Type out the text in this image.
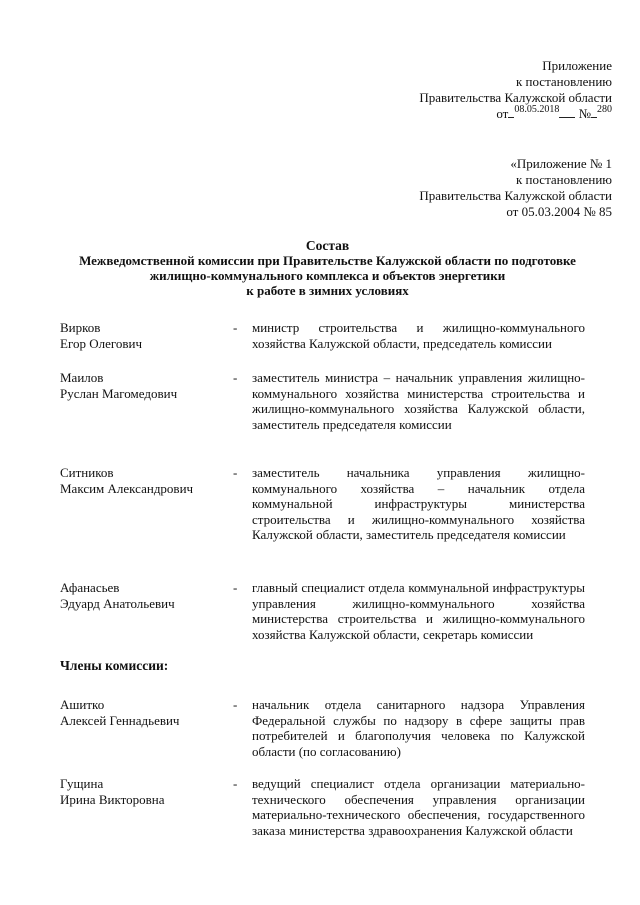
Приложение
к постановлению
Правительства Калужской области
от $^{08.05.2018}$ № $^{280}$
«Приложение № 1
к постановлению
Правительства Калужской области
от 05.03.2004 № 85
Состав
Межведомственной комиссии при Правительстве Калужской области по подготовке
жилищно-коммунального комплекса и объектов энергетики
к работе в зимних условиях
Вирков
Егор Олегович
- министр строительства и жилищно-коммунального хозяйства Калужской области, председатель комиссии
Маилов
Руслан Магомедович
- заместитель министра – начальник управления жилищно-коммунального хозяйства министерства строительства и жилищно-коммунального хозяйства Калужской области, заместитель председателя комиссии
Ситников
Максим Александрович
- заместитель начальника управления жилищно-коммунального хозяйства – начальник отдела коммунальной инфраструктуры министерства строительства и жилищно-коммунального хозяйства Калужской области, заместитель председателя комиссии
Афанасьев
Эдуард Анатольевич
- главный специалист отдела коммунальной инфраструктуры управления жилищно-коммунального хозяйства министерства строительства и жилищно-коммунального хозяйства Калужской области, секретарь комиссии
Члены комиссии:
Ашитко
Алексей Геннадьевич
- начальник отдела санитарного надзора Управления Федеральной службы по надзору в сфере защиты прав потребителей и благополучия человека по Калужской области (по согласованию)
Гущина
Ирина Викторовна
- ведущий специалист отдела организации материально-технического обеспечения управления организации материально-технического обеспечения, государственного заказа министерства здравоохранения Калужской области
